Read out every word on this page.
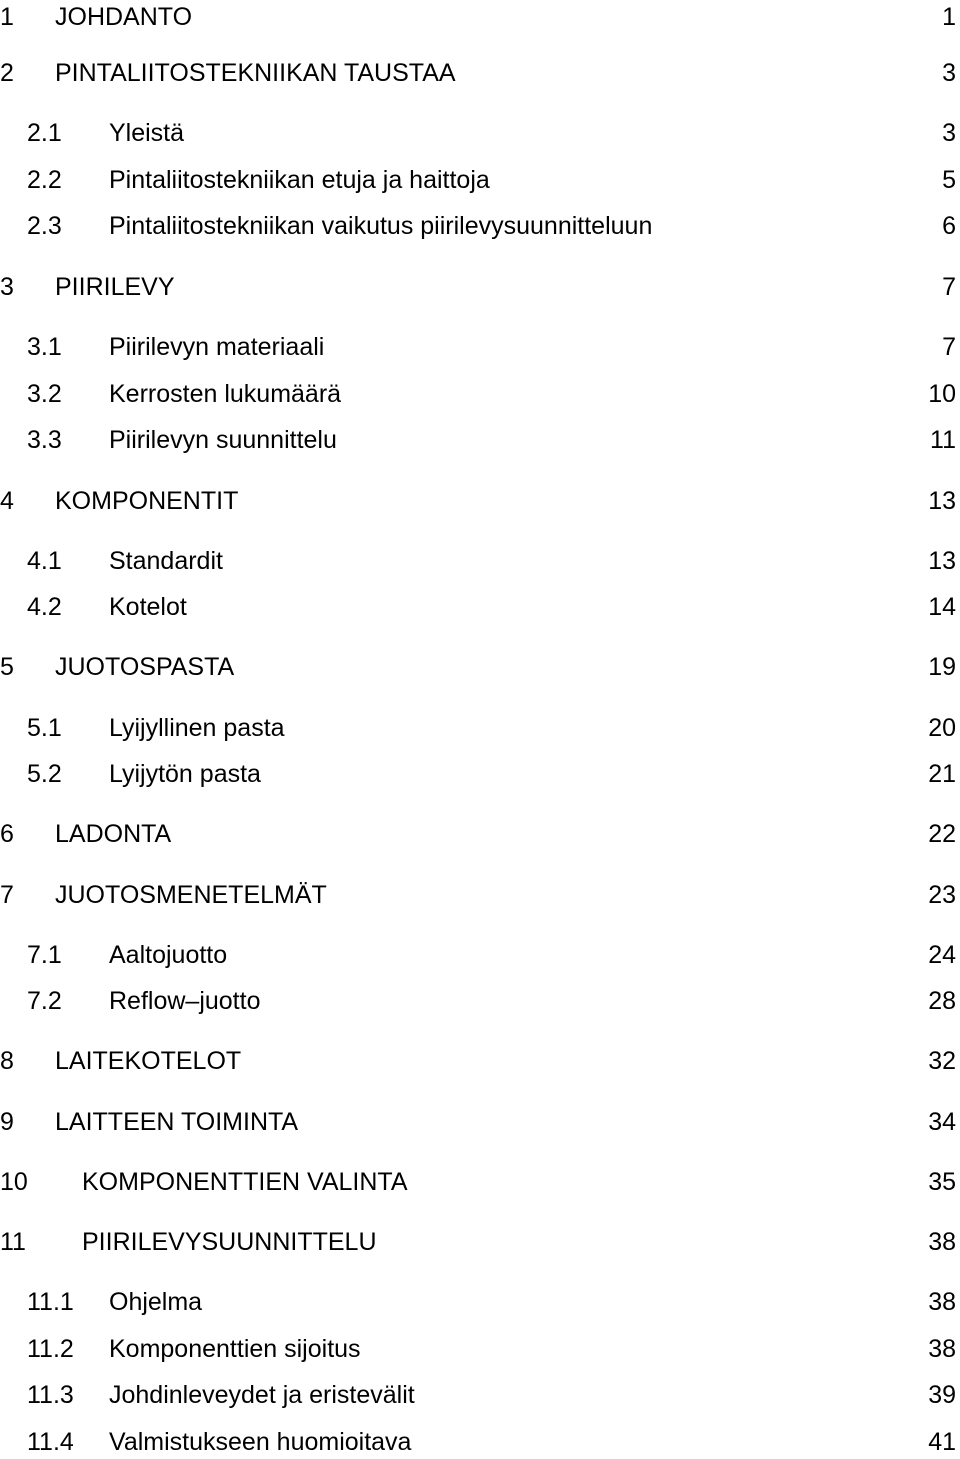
1 JOHDANTO	1
2 PINTALIITOSTEKNIIKAN TAUSTAA	3
2.1 Yleistä	3
2.2 Pintaliitostekniikan etuja ja haittoja	5
2.3 Pintaliitostekniikan vaikutus piirilevysuunnitteluun	6
3 PIIRILEVY	7
3.1 Piirilevyn materiaali	7
3.2 Kerrosten lukumäärä	10
3.3 Piirilevyn suunnittelu	11
4 KOMPONENTIT	13
4.1 Standardit	13
4.2 Kotelot	14
5 JUOTOSPASTA	19
5.1 Lyijyllinen pasta	20
5.2 Lyijytön pasta	21
6 LADONTA	22
7 JUOTOSMENETELMÄT	23
7.1 Aaltojuotto	24
7.2 Reflow–juotto	28
8 LAITEKOTELOT	32
9 LAITTEEN TOIMINTA	34
10 KOMPONENTTIEN VALINTA	35
11 PIIRILEVYSUUNNITTELU	38
11.1 Ohjelma	38
11.2 Komponenttien sijoitus	38
11.3 Johdinleveydet ja eristevälit	39
11.4 Valmistukseen huomioitava	41
